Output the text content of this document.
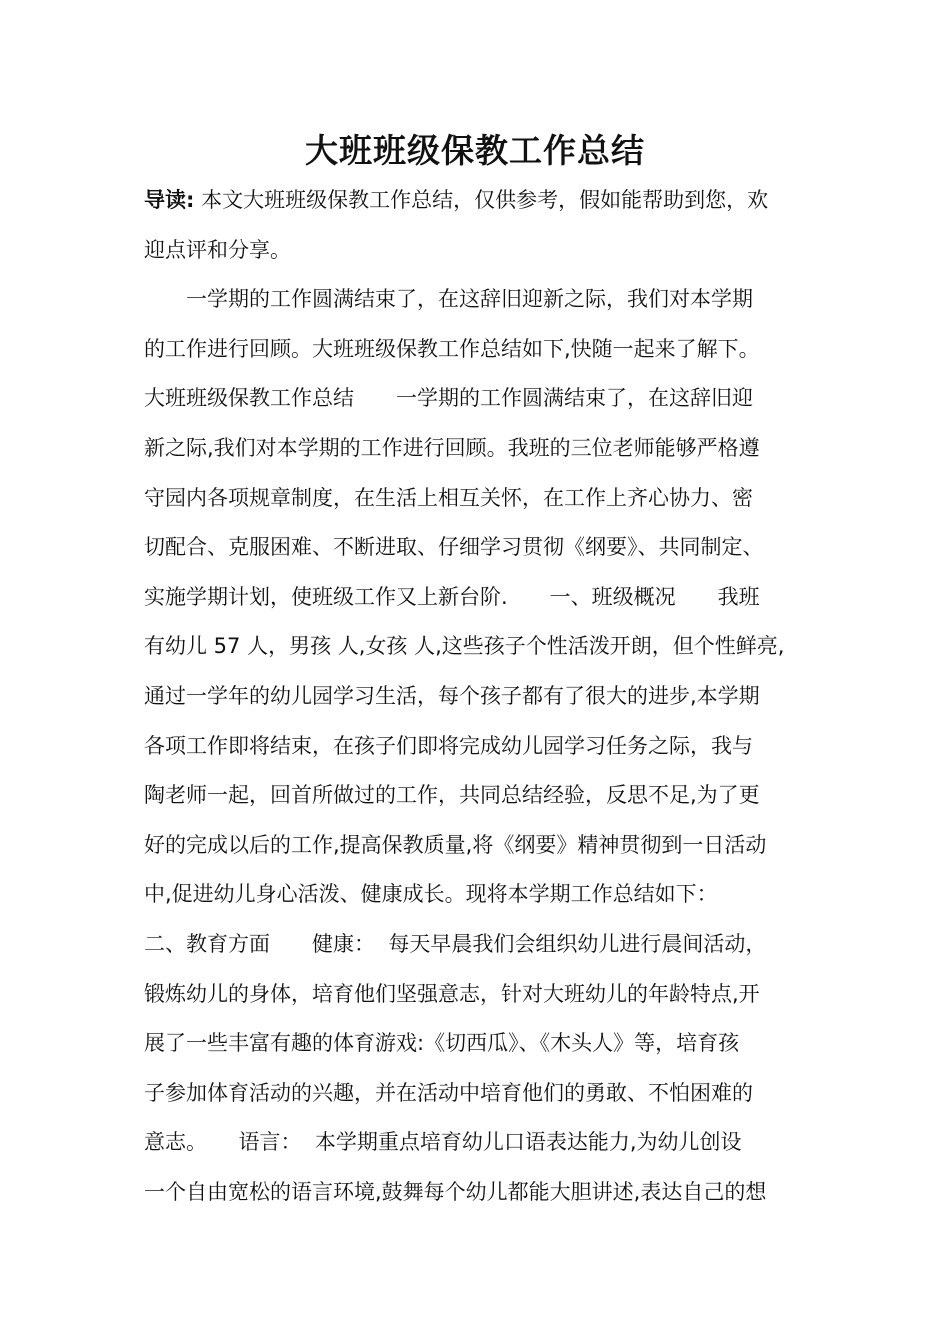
大班班级保教工作总结
导读: 本文大班班级保教工作总结，仅供参考，假如能帮助到您，欢
迎点评和分享。
　　一学期的工作圆满结束了，在这辞旧迎新之际，我们对本学期
的工作进行回顾。大班班级保教工作总结如下,快随一起来了解下。
大班班级保教工作总结　　一学期的工作圆满结束了，在这辞旧迎
新之际,我们对本学期的工作进行回顾。我班的三位老师能够严格遵
守园内各项规章制度，在生活上相互关怀，在工作上齐心协力、密
切配合、克服困难、不断进取、仔细学习贯彻《纲要》、共同制定、
实施学期计划，使班级工作又上新台阶.　　一、班级概况　　我班
有幼儿 57 人，男孩 人,女孩 人,这些孩子个性活泼开朗，但个性鲜亮,
通过一学年的幼儿园学习生活，每个孩子都有了很大的进步,本学期
各项工作即将结束，在孩子们即将完成幼儿园学习任务之际，我与
陶老师一起，回首所做过的工作，共同总结经验，反思不足,为了更
好的完成以后的工作,提高保教质量,将《纲要》精神贯彻到一日活动
中,促进幼儿身心活泼、健康成长。现将本学期工作总结如下：
二、教育方面　　健康：  每天早晨我们会组织幼儿进行晨间活动，
锻炼幼儿的身体，培育他们坚强意志，针对大班幼儿的年龄特点,开
展了一些丰富有趣的体育游戏:《切西瓜》、《木头人》等，培育孩
子参加体育活动的兴趣，并在活动中培育他们的勇敢、不怕困难的
意志。　　语言：  本学期重点培育幼儿口语表达能力,为幼儿创设
一个自由宽松的语言环境,鼓舞每个幼儿都能大胆讲述,表达自己的想
